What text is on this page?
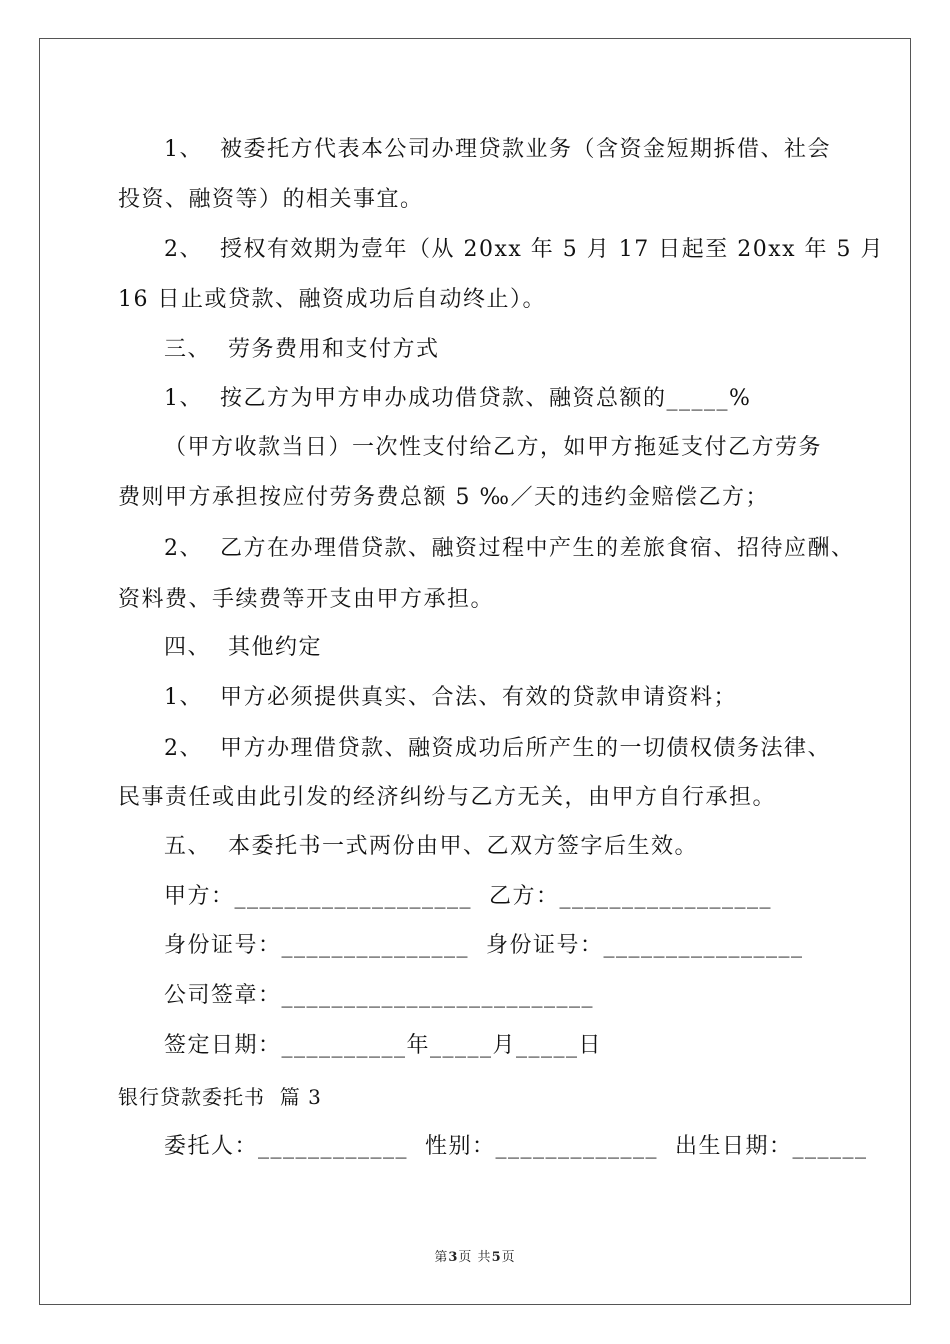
1、  被委托方代表本公司办理贷款业务（含资金短期拆借、社会
投资、融资等）的相关事宜。
2、  授权有效期为壹年（从 20xx 年 5 月 17 日起至 20xx 年 5 月
16 日止或贷款、融资成功后自动终止）。
三、  劳务费用和支付方式
1、  按乙方为甲方申办成功借贷款、融资总额的_____%
（甲方收款当日）一次性支付给乙方，如甲方拖延支付乙方劳务
费则甲方承担按应付劳务费总额 5 ‰／天的违约金赔偿乙方；
2、  乙方在办理借贷款、融资过程中产生的差旅食宿、招待应酬、
资料费、手续费等开支由甲方承担。
四、  其他约定
1、  甲方必须提供真实、合法、有效的贷款申请资料；
2、  甲方办理借贷款、融资成功后所产生的一切债权债务法律、
民事责任或由此引发的经济纠纷与乙方无关，由甲方自行承担。
五、  本委托书一式两份由甲、乙双方签字后生效。
甲方：___________________  乙方：_________________
身份证号：_______________  身份证号：________________
公司签章：_________________________
签定日期：__________年_____月_____日
银行贷款委托书  篇 3
委托人：____________  性别：_____________  出生日期：______
第3页 共5页
